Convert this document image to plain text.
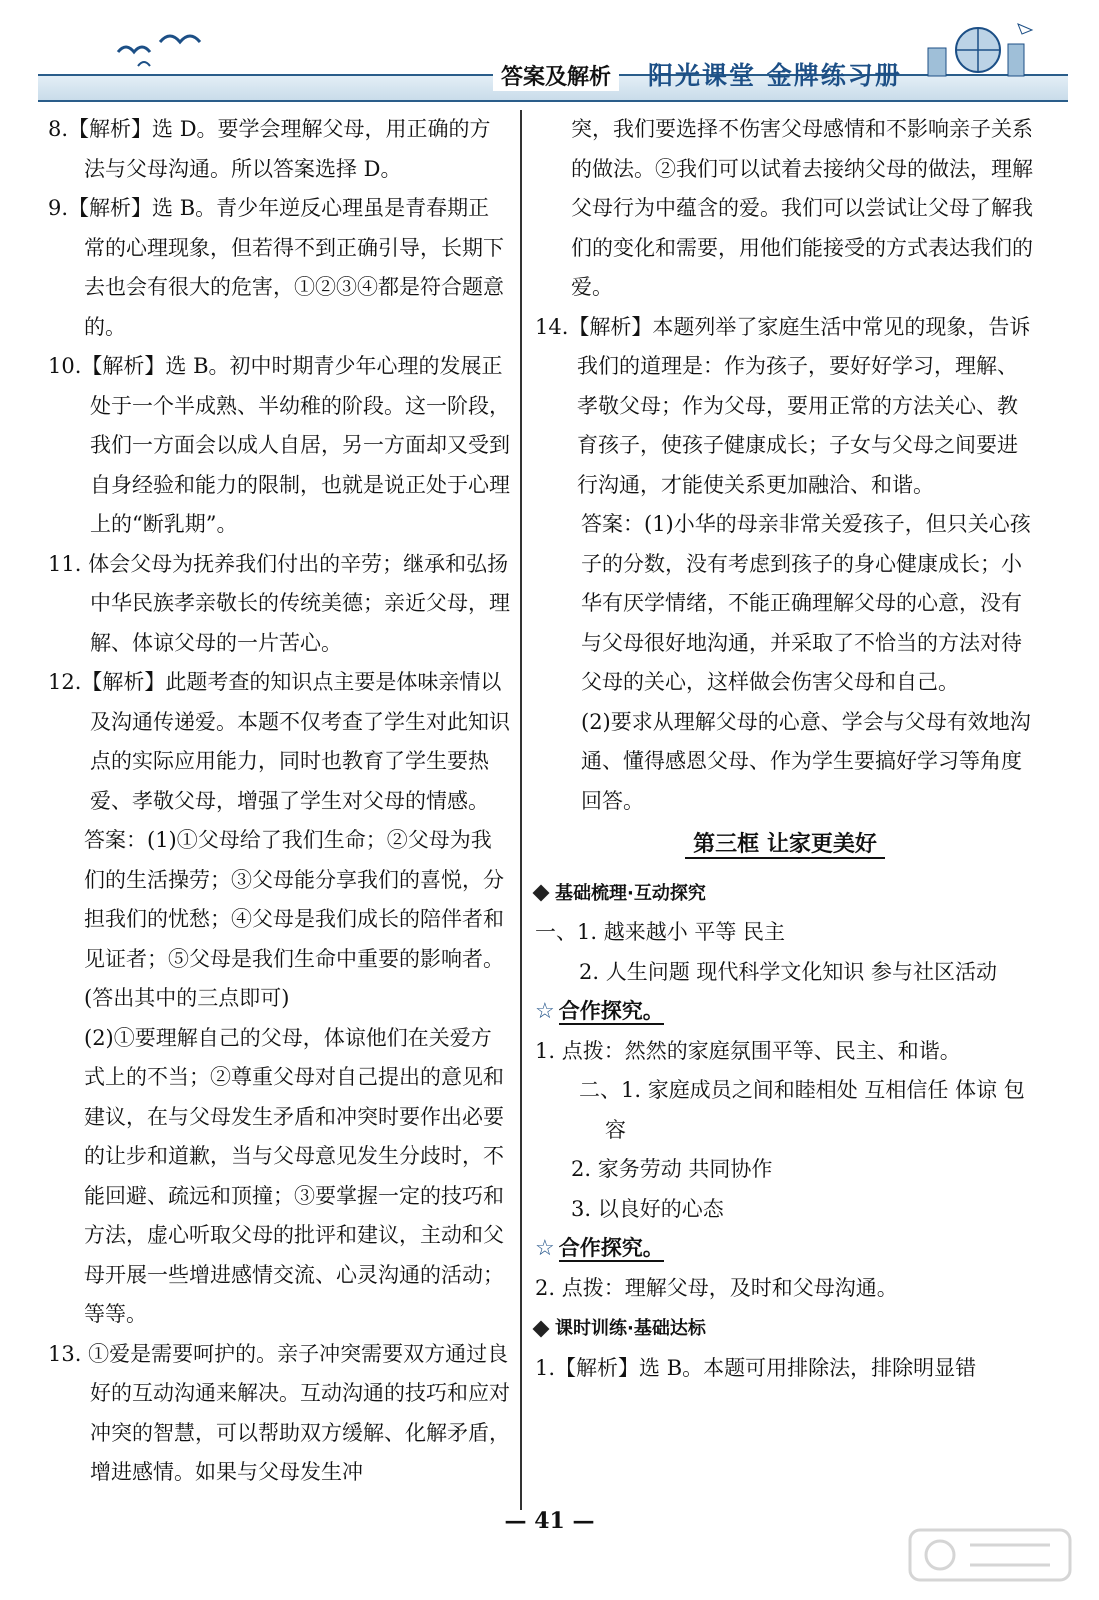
答案及解析	阳光课堂 金牌练习册

8.【解析】选 D。要学会理解父母，用正确的方法与父母沟通。所以答案选择 D。

9.【解析】选 B。青少年逆反心理虽是青春期正常的心理现象，但若得不到正确引导，长期下去也会有很大的危害，①②③④都是符合题意的。

10.【解析】选 B。初中时期青少年心理的发展正处于一个半成熟、半幼稚的阶段。这一阶段，我们一方面会以成人自居，另一方面却又受到自身经验和能力的限制，也就是说正处于心理上的“断乳期”。

11. 体会父母为抚养我们付出的辛劳；继承和弘扬中华民族孝亲敬长的传统美德；亲近父母，理解、体谅父母的一片苦心。

12.【解析】此题考查的知识点主要是体味亲情以及沟通传递爱。本题不仅考查了学生对此知识点的实际应用能力，同时也教育了学生要热爱、孝敬父母，增强了学生对父母的情感。

答案：(1)①父母给了我们生命；②父母为我们的生活操劳；③父母能分享我们的喜悦，分担我们的忧愁；④父母是我们成长的陪伴者和见证者；⑤父母是我们生命中重要的影响者。(答出其中的三点即可)

(2)①要理解自己的父母，体谅他们在关爱方式上的不当；②尊重父母对自己提出的意见和建议，在与父母发生矛盾和冲突时要作出必要的让步和道歉，当与父母意见发生分歧时，不能回避、疏远和顶撞；③要掌握一定的技巧和方法，虚心听取父母的批评和建议，主动和父母开展一些增进感情交流、心灵沟通的活动；等等。

13. ①爱是需要呵护的。亲子冲突需要双方通过良好的互动沟通来解决。互动沟通的技巧和应对冲突的智慧，可以帮助双方缓解、化解矛盾，增进感情。如果与父母发生冲

突，我们要选择不伤害父母感情和不影响亲子关系的做法。②我们可以试着去接纳父母的做法，理解父母行为中蕴含的爱。我们可以尝试让父母了解我们的变化和需要，用他们能接受的方式表达我们的爱。

14.【解析】本题列举了家庭生活中常见的现象，告诉我们的道理是：作为孩子，要好好学习，理解、孝敬父母；作为父母，要用正常的方法关心、教育孩子，使孩子健康成长；子女与父母之间要进行沟通，才能使关系更加融洽、和谐。

答案：(1)小华的母亲非常关爱孩子，但只关心孩子的分数，没有考虑到孩子的身心健康成长；小华有厌学情绪，不能正确理解父母的心意，没有与父母很好地沟通，并采取了不恰当的方法对待父母的关心，这样做会伤害父母和自己。

(2)要求从理解父母的心意、学会与父母有效地沟通、懂得感恩父母、作为学生要搞好学习等角度回答。

第三框 让家更美好

基础梳理·互动探究

一、1. 越来越小 平等 民主

2. 人生问题 现代科学文化知识 参与社区活动

☆ 合作探究。

1. 点拨：然然的家庭氛围平等、民主、和谐。

二、1. 家庭成员之间和睦相处 互相信任 体谅 包容

2. 家务劳动 共同协作

3. 以良好的心态

☆ 合作探究。

2. 点拨：理解父母，及时和父母沟通。

课时训练·基础达标

1.【解析】选 B。本题可用排除法，排除明显错

— 41 —
